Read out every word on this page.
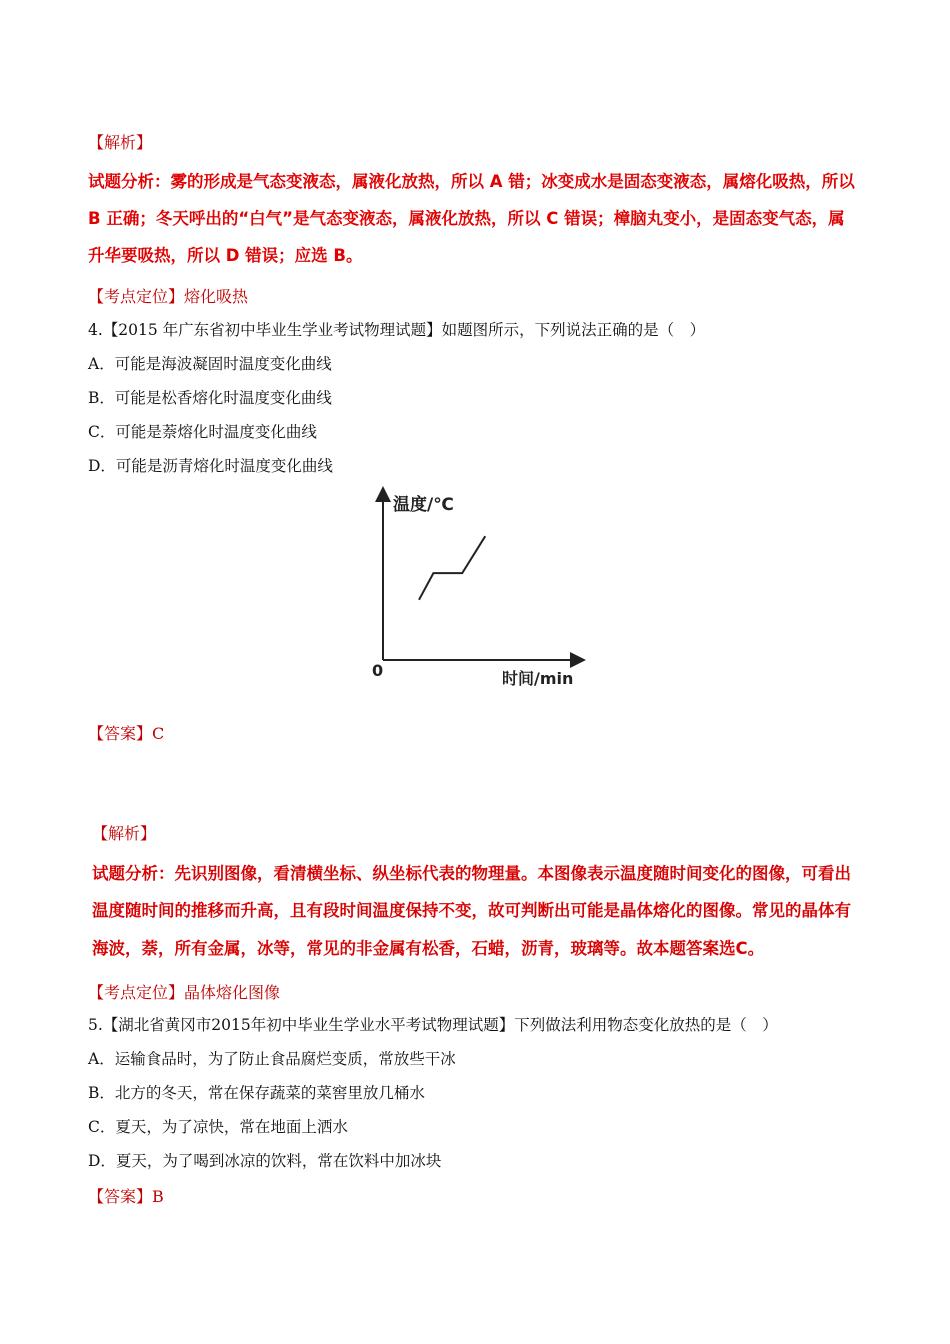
【解析】
试题分析：雾的形成是气态变液态，属液化放热，所以 A 错；冰变成水是固态变液态，属熔化吸热，所以
B 正确；冬天呼出的“白气”是气态变液态，属液化放热，所以 C 错误；樟脑丸变小，是固态变气态，属
升华要吸热，所以 D 错误；应选 B。
【考点定位】熔化吸热
4.【2015 年广东省初中毕业生学业考试物理试题】如题图所示，下列说法正确的是（　）
A．可能是海波凝固时温度变化曲线
B．可能是松香熔化时温度变化曲线
C．可能是萘熔化时温度变化曲线
D．可能是沥青熔化时温度变化曲线
温度/℃
时间/min
0
【答案】C
【解析】
试题分析：先识别图像，看清横坐标、纵坐标代表的物理量。本图像表示温度随时间变化的图像，可看出
温度随时间的推移而升高，且有段时间温度保持不变，故可判断出可能是晶体熔化的图像。常见的晶体有
海波，萘，所有金属，冰等，常见的非金属有松香，石蜡，沥青，玻璃等。故本题答案选C。
【考点定位】晶体熔化图像
5.【湖北省黄冈市2015年初中毕业生学业水平考试物理试题】下列做法利用物态变化放热的是（　）
A．运输食品时，为了防止食品腐烂变质，常放些干冰
B．北方的冬天，常在保存蔬菜的菜窖里放几桶水
C．夏天，为了凉快，常在地面上洒水
D．夏天，为了喝到冰凉的饮料，常在饮料中加冰块
【答案】B
